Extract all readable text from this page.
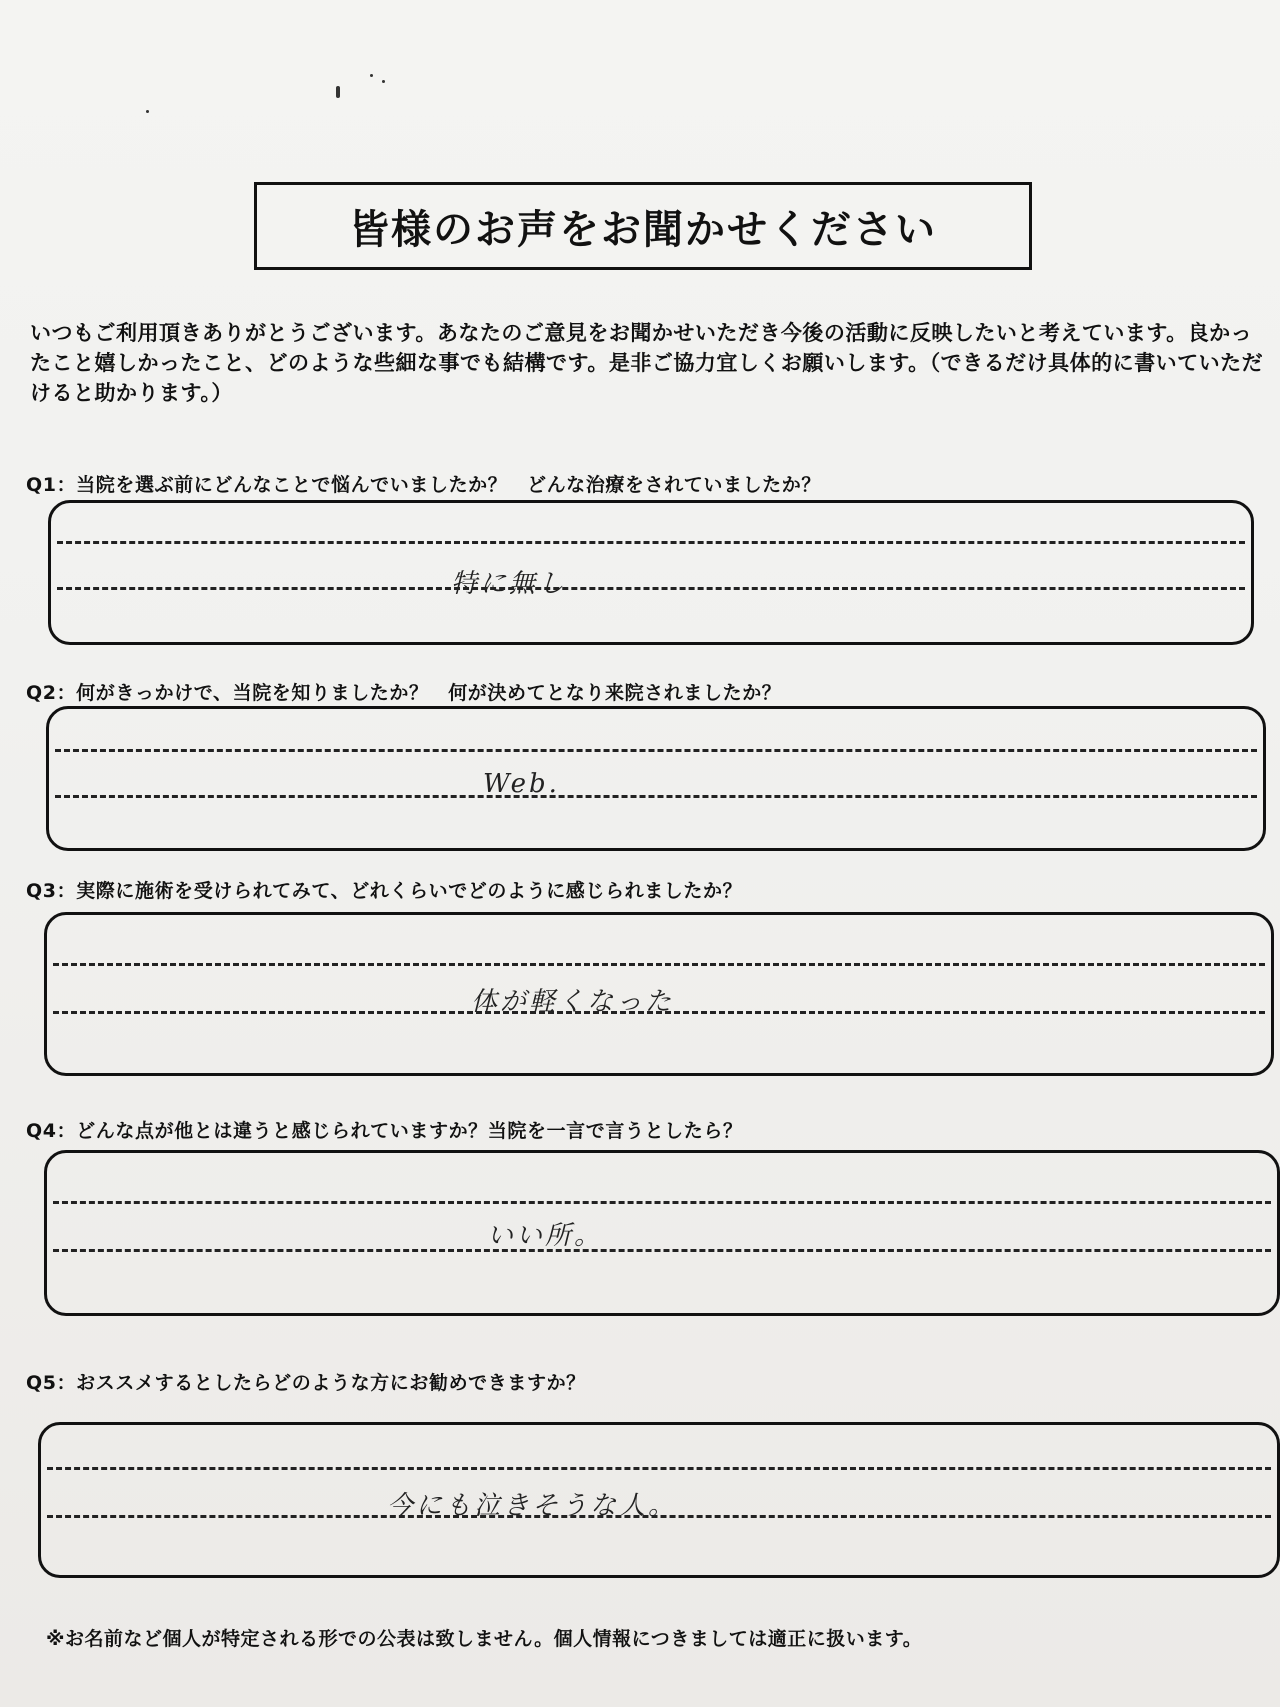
皆様のお声をお聞かせください
いつもご利用頂きありがとうございます。あなたのご意見をお聞かせいただき今後の活動に反映したいと考えています。良かったこと嬉しかったこと、どのような些細な事でも結構です。是非ご協力宜しくお願いします。（できるだけ具体的に書いていただけると助かります。）
Q1：当院を選ぶ前にどんなことで悩んでいましたか？　どんな治療をされていましたか？
特に無し
Q2：何がきっかけで、当院を知りましたか？　何が決めてとなり来院されましたか？
Web.
Q3：実際に施術を受けられてみて、どれくらいでどのように感じられましたか？
体が軽くなった
Q4：どんな点が他とは違うと感じられていますか？当院を一言で言うとしたら？
いい所。
Q5：おススメするとしたらどのような方にお勧めできますか？
今にも泣きそうな人。
※お名前など個人が特定される形での公表は致しません。個人情報につきましては適正に扱います。
